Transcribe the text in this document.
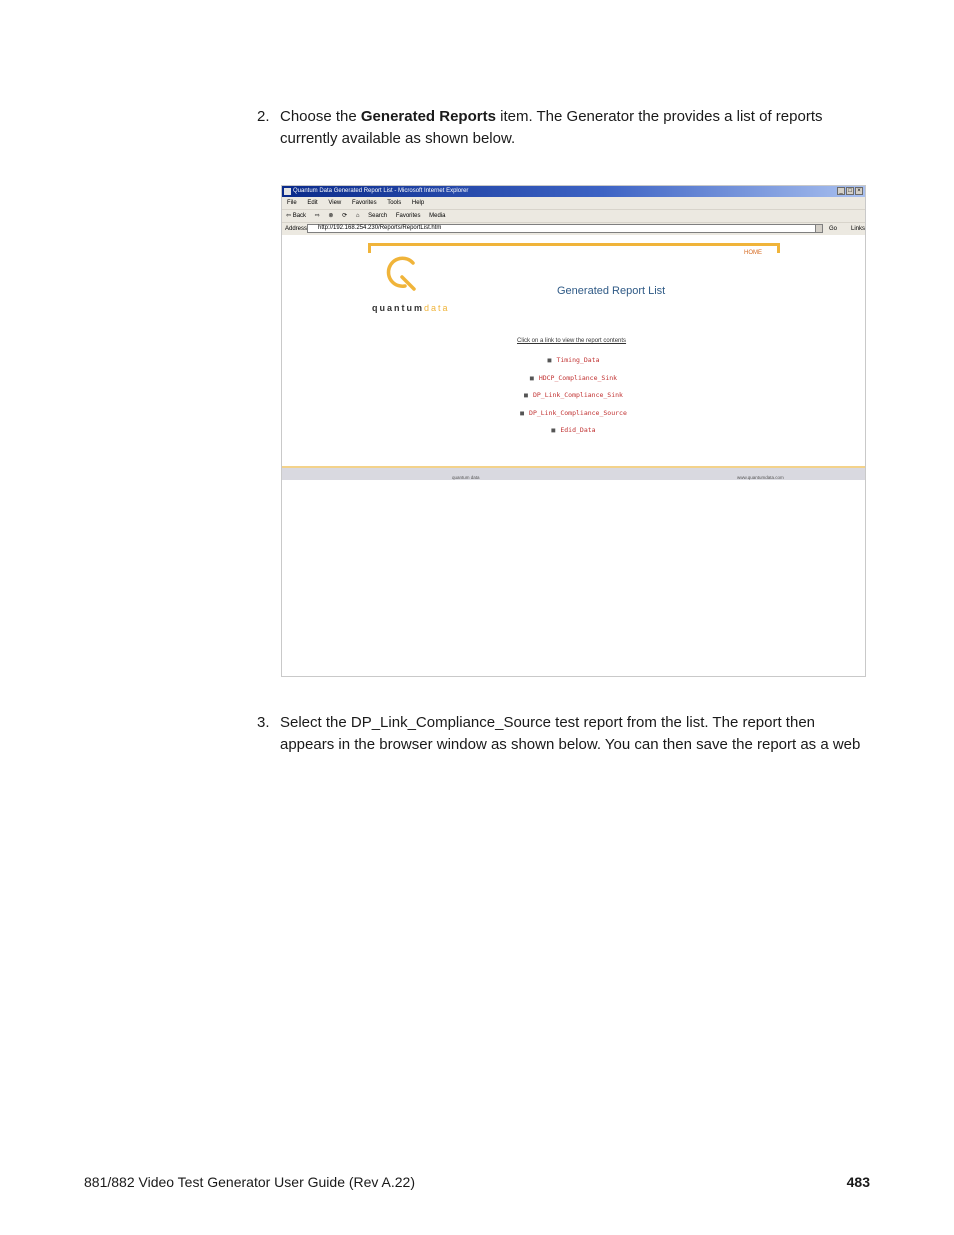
2. Choose the Generated Reports item. The Generator the provides a list of reports currently available as shown below.
Quantum Data Generated Report List - Microsoft Internet Explorer	_ □ ×
File Edit View Favorites Tools Help
⇦ Back ⇨ ⊗ ⟳ ⌂ Search Favorites Media
Address	http://192.168.254.230/Reports/ReportList.htm	Go Links
HOME
quantumdata
Generated Report List
Click on a link to view the report contents
■ Timing_Data
■ HDCP_Compliance_Sink
■ DP_Link_Compliance_Sink
■ DP_Link_Compliance_Source
■ Edid_Data
quantum data	www.quantumdata.com
3. Select the DP_Link_Compliance_Source test report from the list. The report then
appears in the browser window as shown below. You can then save the report as a web
881/882 Video Test Generator User Guide (Rev A.22)	483
